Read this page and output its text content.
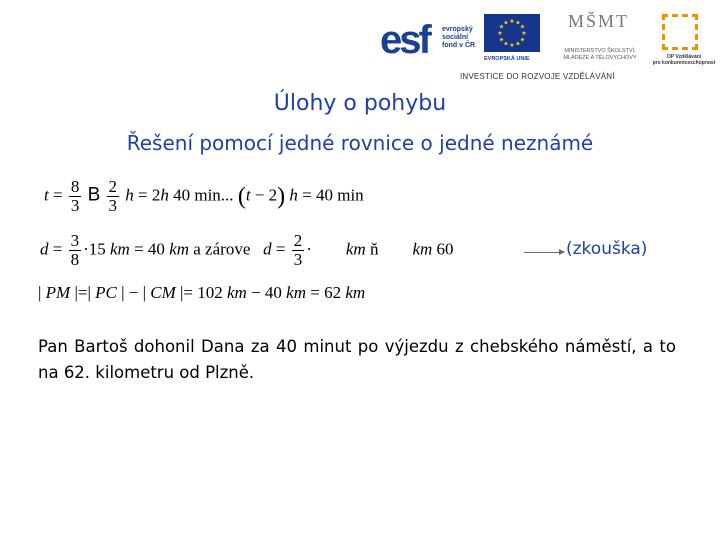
esf evropský
sociální
fond v ČR
★ ★
★
★
★
★
★
★
★
★
★
★
EVROPSKÁ UNIE
MŠMT
MINISTERSTVO ŠKOLSTVÍ,
MLÁDEŽE A TĚLOVÝCHOVY	OP Vzdělávání
pro konkurenceschopnost
INVESTICE DO ROZVOJE VZDĚLÁVÁNÍ
Úlohy o pohybu
Řešení pomocí jedné rovnice o jedné neznámé
$t = \frac{8}{3}$ B $\frac{2}{3}$ h = 2h 40 min... (t − 2) h = 40 min
$d = \frac{3}{8} \cdot 15$ km = 40 km a zárove $d = \frac{2}{3}$ · km ň km 60	(zkouška)
| PM |=| PC | − | CM |= 102 km − 40 km = 62 km

Pan Bartoš dohonil Dana za 40 minut po výjezdu z chebského náměstí, a to na 62. kilometru od Plzně.
